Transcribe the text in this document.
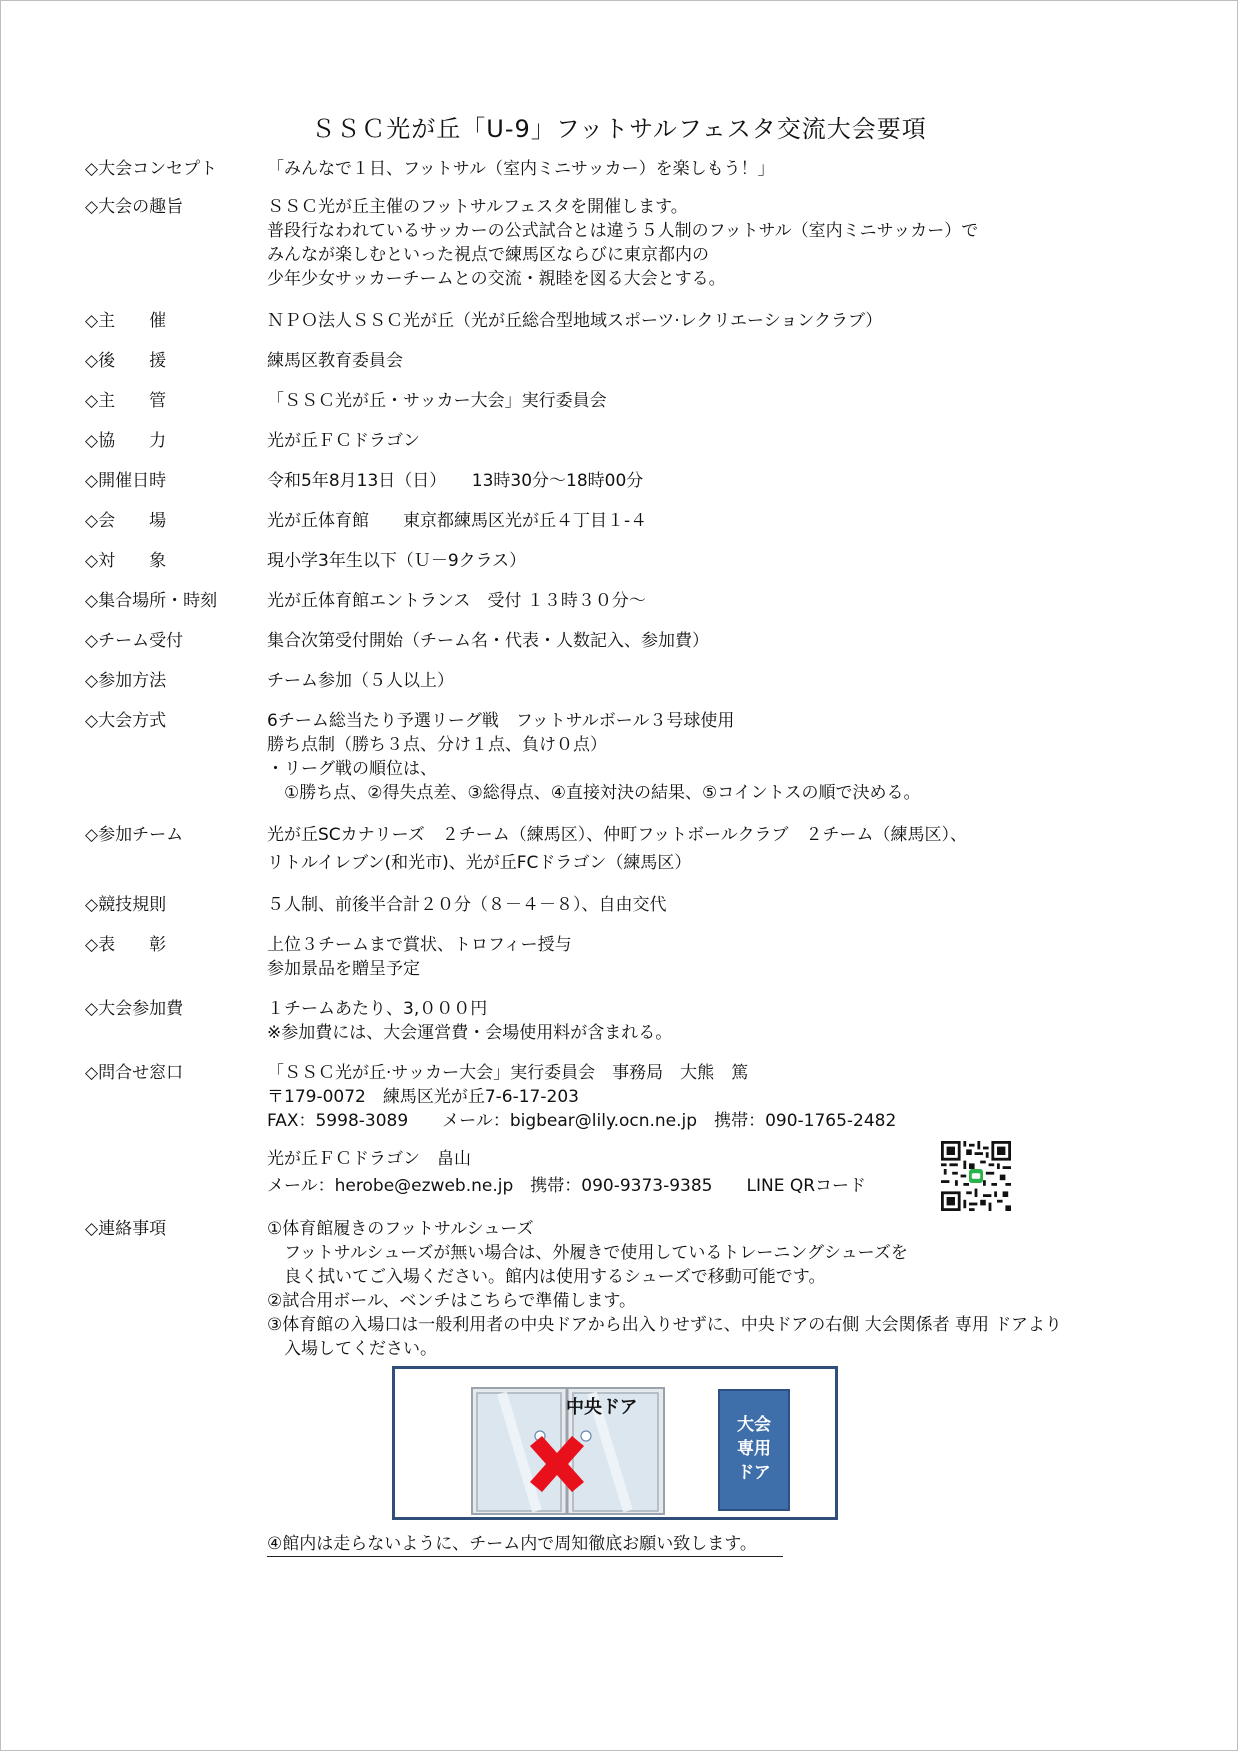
ＳＳＣ光が丘「U-9」フットサルフェスタ交流大会要項
◇大会コンセプト	「みんなで１日、フットサル（室内ミニサッカー）を楽しもう！」
◇大会の趣旨	ＳＳＣ光が丘主催のフットサルフェスタを開催します。
普段行なわれているサッカーの公式試合とは違う５人制のフットサル（室内ミニサッカー）で
みんなが楽しむといった視点で練馬区ならびに東京都内の
少年少女サッカーチームとの交流・親睦を図る大会とする。
◇主　　催	ＮＰＯ法人ＳＳＣ光が丘（光が丘総合型地域スポーツ·レクリエーションクラブ）
◇後　　援	練馬区教育委員会
◇主　　管	「ＳＳＣ光が丘・サッカー大会」実行委員会
◇協　　力	光が丘ＦＣドラゴン
◇開催日時	令和5年8月13日（日）　　13時30分～18時00分
◇会　　場	光が丘体育館　　東京都練馬区光が丘４丁目１-４
◇対　　象	現小学3年生以下（Ｕ－9クラス）
◇集合場所・時刻	光が丘体育館エントランス　受付 １３時３０分～
◇チーム受付	集合次第受付開始（チーム名・代表・人数記入、参加費）
◇参加方法	チーム参加（５人以上）
◇大会方式	6チーム総当たり予選リーグ戦　フットサルボール３号球使用
勝ち点制（勝ち３点、分け１点、負け０点）
・リーグ戦の順位は、
　①勝ち点、②得失点差、③総得点、④直接対決の結果、⑤コイントスの順で決める。
◇参加チーム	光が丘SCカナリーズ　２チーム（練馬区）、仲町フットボールクラブ　２チーム（練馬区）、
リトルイレブン(和光市)、光が丘FCドラゴン（練馬区）
◇競技規則	５人制、前後半合計２０分（８－４－８）、自由交代
◇表　　彰	上位３チームまで賞状、トロフィー授与
参加景品を贈呈予定
◇大会参加費	１チームあたり、3,０００円
※参加費には、大会運営費・会場使用料が含まれる。
◇問合せ窓口	「ＳＳＣ光が丘·サッカー大会」実行委員会　事務局　大熊　篤
〒179-0072　練馬区光が丘7-6-17-203
FAX：5998-3089　　メール：bigbear@lily.ocn.ne.jp　携帯：090-1765-2482
光が丘ＦＣドラゴン　畠山
メール：herobe@ezweb.ne.jp　携帯：090-9373-9385　　LINE QRコード
◇連絡事項	①体育館履きのフットサルシューズ
　フットサルシューズが無い場合は、外履きで使用しているトレーニングシューズを
　良く拭いてご入場ください。館内は使用するシューズで移動可能です。
②試合用ボール、ベンチはこちらで準備します。
③体育館の入場口は一般利用者の中央ドアから出入りせずに、中央ドアの右側 大会関係者 専用 ドアより
　入場してください。
中央ドア
大会
専用
ドア
④館内は走らないように、チーム内で周知徹底お願い致します。
